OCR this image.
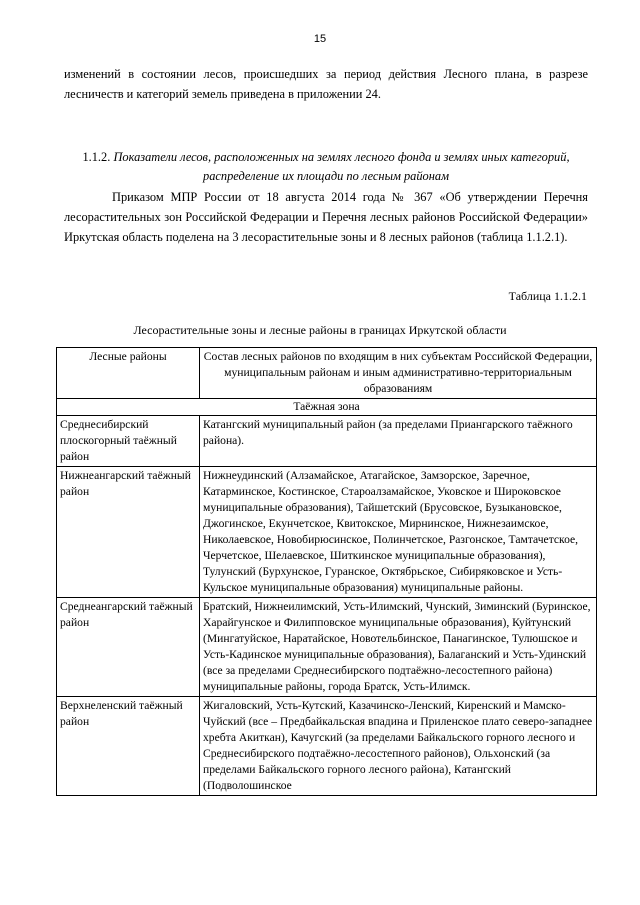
15

изменений в состоянии лесов, происшедших за период действия Лесного плана, в разрезе лесничеств и категорий земель приведена в приложении 24.

1.1.2. Показатели лесов, расположенных на землях лесного фонда и землях иных категорий, распределение их площади по лесным районам

Приказом МПР России от 18 августа 2014 года № 367 «Об утверждении Перечня лесорастительных зон Российской Федерации и Перечня лесных районов Российской Федерации» Иркутская область поделена на 3 лесорастительные зоны и 8 лесных районов (таблица 1.1.2.1).

Таблица 1.1.2.1
Лесорастительные зоны и лесные районы в границах Иркутской области
Лесные районы	Состав лесных районов по входящим в них субъектам Российской Федерации, муниципальным районам и иным административно-территориальным образованиям
Таёжная зона	
Среднесибирский плоскогорный таёжный район	Катангский муниципальный район (за пределами Приангарского таёжного района).
Нижнеангарский таёжный район	Нижнеудинский (Алзамайское, Атагайское, Замзорское, Заречное, Катарминское, Костинское, Староалзамайское, Уковское и Широковское муниципальные образования), Тайшетский (Брусовское, Бузыкановское, Джогинское, Екунчетское, Квитокское, Мирнинское, Нижнезаимское, Николаевское, Новобирюсинское, Полинчетское, Разгонское, Тамтачетское, Черчетское, Шелаевское, Шиткинское муниципальные образования), Тулунский (Бурхунское, Гуранское, Октябрьское, Сибиряковское и Усть-Кульское муниципальные образования) муниципальные районы.
Среднеангарский таёжный район	Братский, Нижнеилимский, Усть-Илимский, Чунский, Зиминский (Буринское, Харайгунское и Филипповское муниципальные образования), Куйтунский (Мингатуйское, Наратайское, Новотельбинское, Панагинское, Тулюшское и Усть-Кадинское муниципальные образования), Балаганский и Усть-Удинский (все за пределами Среднесибирского подтаёжно-лесостепного района) муниципальные районы, города Братск, Усть-Илимск.
Верхнеленский таёжный район	Жигаловский, Усть-Кутский, Казачинско-Ленский, Киренский и Мамско-Чуйский (все – Предбайкальская впадина и Приленское плато северо-западнее хребта Акиткан), Качугский (за пределами Байкальского горного лесного и Среднесибирского подтаёжно-лесостепного районов), Ольхонский (за пределами Байкальского горного лесного района), Катангский (Подволошинское
